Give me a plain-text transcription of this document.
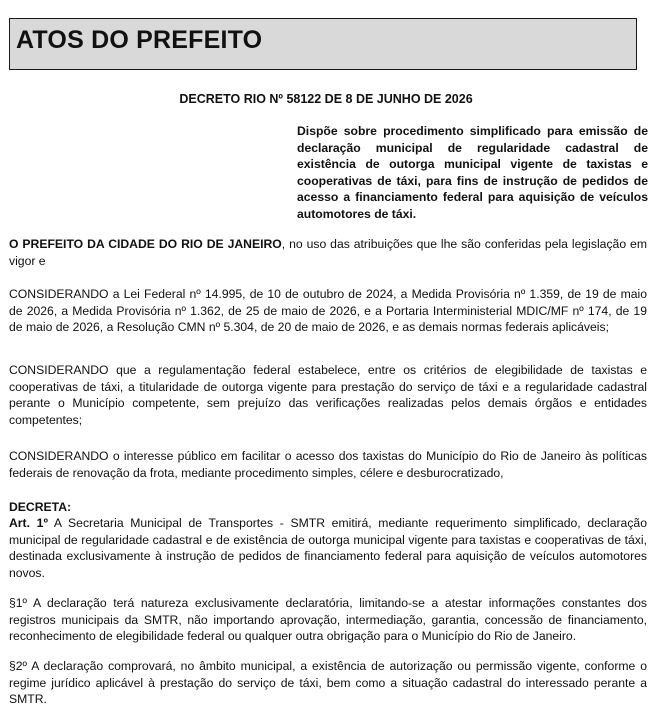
ATOS DO PREFEITO
DECRETO RIO Nº 58122 DE 8 DE JUNHO DE 2026
Dispõe sobre procedimento simplificado para emissão de declaração municipal de regularidade cadastral de existência de outorga municipal vigente de taxistas e cooperativas de táxi, para fins de instrução de pedidos de acesso a financiamento federal para aquisição de veículos automotores de táxi.

O PREFEITO DA CIDADE DO RIO DE JANEIRO, no uso das atribuições que lhe são conferidas pela legislação em vigor e

CONSIDERANDO a Lei Federal nº 14.995, de 10 de outubro de 2024, a Medida Provisória nº 1.359, de 19 de maio de 2026, a Medida Provisória nº 1.362, de 25 de maio de 2026, e a Portaria Interministerial MDIC/MF nº 174, de 19 de maio de 2026, a Resolução CMN nº 5.304, de 20 de maio de 2026, e as demais normas federais aplicáveis;

CONSIDERANDO que a regulamentação federal estabelece, entre os critérios de elegibilidade de taxistas e cooperativas de táxi, a titularidade de outorga vigente para prestação do serviço de táxi e a regularidade cadastral perante o Município competente, sem prejuízo das verificações realizadas pelos demais órgãos e entidades competentes;

CONSIDERANDO o interesse público em facilitar o acesso dos taxistas do Município do Rio de Janeiro às políticas federais de renovação da frota, mediante procedimento simples, célere e desburocratizado,

DECRETA:

Art. 1º A Secretaria Municipal de Transportes - SMTR emitirá, mediante requerimento simplificado, declaração municipal de regularidade cadastral e de existência de outorga municipal vigente para taxistas e cooperativas de táxi, destinada exclusivamente à instrução de pedidos de financiamento federal para aquisição de veículos automotores novos.

§1º A declaração terá natureza exclusivamente declaratória, limitando-se a atestar informações constantes dos registros municipais da SMTR, não importando aprovação, intermediação, garantia, concessão de financiamento, reconhecimento de elegibilidade federal ou qualquer outra obrigação para o Município do Rio de Janeiro.

§2º A declaração comprovará, no âmbito municipal, a existência de autorização ou permissão vigente, conforme o regime jurídico aplicável à prestação do serviço de táxi, bem como a situação cadastral do interessado perante a SMTR.
